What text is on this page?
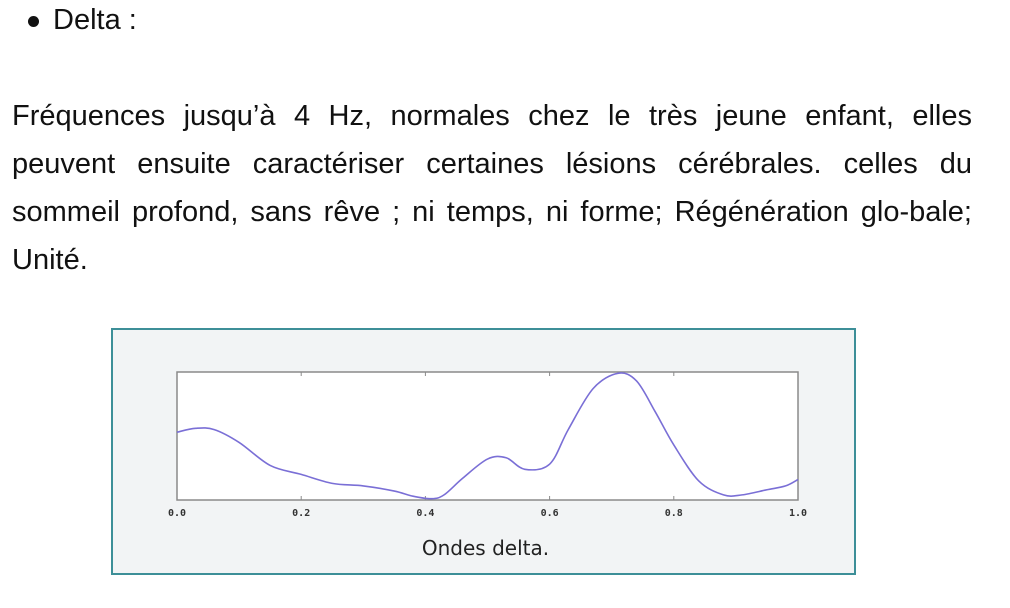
Delta :

Fréquences jusqu’à 4 Hz, normales chez le très jeune enfant, elles peuvent ensuite caractériser certaines lésions cérébrales. celles du sommeil profond, sans rêve ; ni temps, ni forme; Régénération glo-bale; Unité.

0.0	0.2	0.4	0.6	0.8	1.0
Ondes delta.
